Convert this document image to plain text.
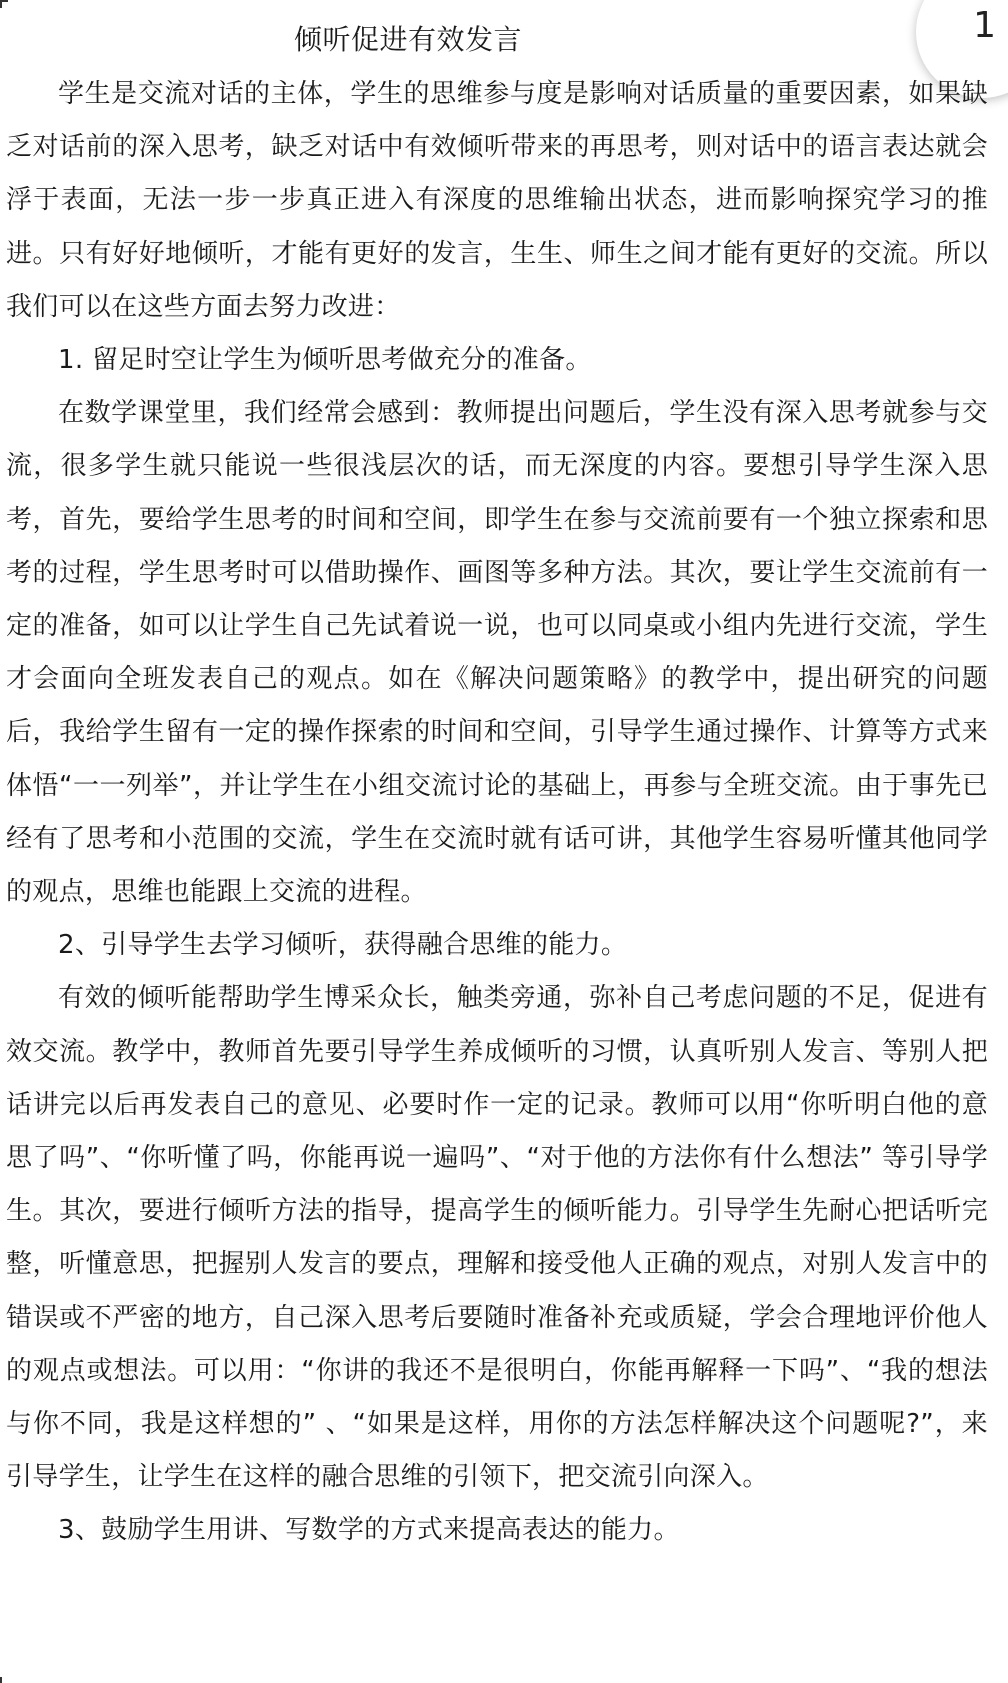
1
倾听促进有效发言

学生是交流对话的主体，学生的思维参与度是影响对话质量的重要因素，如果缺乏对话前的深入思考，缺乏对话中有效倾听带来的再思考，则对话中的语言表达就会浮于表面，无法一步一步真正进入有深度的思维输出状态，进而影响探究学习的推进。只有好好地倾听，才能有更好的发言，生生、师生之间才能有更好的交流。所以我们可以在这些方面去努力改进：

1. 留足时空让学生为倾听思考做充分的准备。

在数学课堂里，我们经常会感到：教师提出问题后，学生没有深入思考就参与交流，很多学生就只能说一些很浅层次的话，而无深度的内容。要想引导学生深入思考，首先，要给学生思考的时间和空间，即学生在参与交流前要有一个独立探索和思考的过程，学生思考时可以借助操作、画图等多种方法。其次，要让学生交流前有一定的准备，如可以让学生自己先试着说一说，也可以同桌或小组内先进行交流，学生才会面向全班发表自己的观点。如在《解决问题策略》的教学中，提出研究的问题后，我给学生留有一定的操作探索的时间和空间，引导学生通过操作、计算等方式来体悟“一一列举”，并让学生在小组交流讨论的基础上，再参与全班交流。由于事先已经有了思考和小范围的交流，学生在交流时就有话可讲，其他学生容易听懂其他同学的观点，思维也能跟上交流的进程。

2、引导学生去学习倾听，获得融合思维的能力。

有效的倾听能帮助学生博采众长，触类旁通，弥补自己考虑问题的不足，促进有效交流。教学中，教师首先要引导学生养成倾听的习惯，认真听别人发言、等别人把话讲完以后再发表自己的意见、必要时作一定的记录。教师可以用“你听明白他的意思了吗”、“你听懂了吗，你能再说一遍吗”、“对于他的方法你有什么想法” 等引导学生。其次，要进行倾听方法的指导，提高学生的倾听能力。引导学生先耐心把话听完整，听懂意思，把握别人发言的要点，理解和接受他人正确的观点，对别人发言中的错误或不严密的地方，自己深入思考后要随时准备补充或质疑，学会合理地评价他人的观点或想法。可以用：“你讲的我还不是很明白，你能再解释一下吗”、“我的想法与你不同，我是这样想的” 、“如果是这样，用你的方法怎样解决这个问题呢?”，来引导学生，让学生在这样的融合思维的引领下，把交流引向深入。

3、鼓励学生用讲、写数学的方式来提高表达的能力。
